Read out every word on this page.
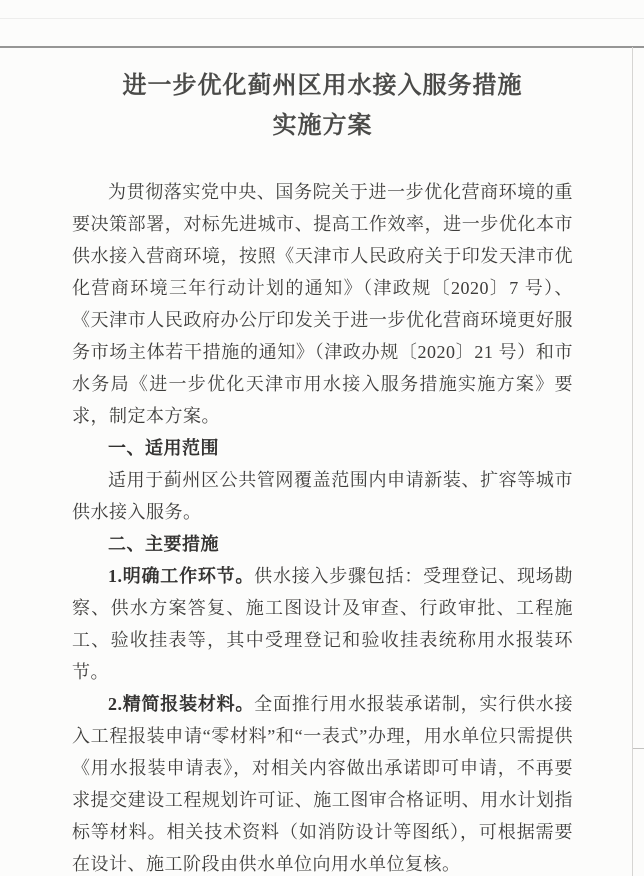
进一步优化蓟州区用水接入服务措施
实施方案

为贯彻落实党中央、国务院关于进一步优化营商环境的重要决策部署，对标先进城市、提高工作效率，进一步优化本市供水接入营商环境，按照《天津市人民政府关于印发天津市优化营商环境三年行动计划的通知》（津政规〔2020〕7 号）、《天津市人民政府办公厅印发关于进一步优化营商环境更好服务市场主体若干措施的通知》（津政办规〔2020〕21 号）和市水务局《进一步优化天津市用水接入服务措施实施方案》要求，制定本方案。

一、适用范围

适用于蓟州区公共管网覆盖范围内申请新装、扩容等城市供水接入服务。

二、主要措施

1.明确工作环节。供水接入步骤包括：受理登记、现场勘察、供水方案答复、施工图设计及审查、行政审批、工程施工、验收挂表等，其中受理登记和验收挂表统称用水报装环节。

2.精简报装材料。全面推行用水报装承诺制，实行供水接入工程报装申请“零材料”和“一表式”办理，用水单位只需提供《用水报装申请表》，对相关内容做出承诺即可申请，不再要求提交建设工程规划许可证、施工图审合格证明、用水计划指标等材料。相关技术资料（如消防设计等图纸），可根据需要在设计、施工阶段由供水单位向用水单位复核。
